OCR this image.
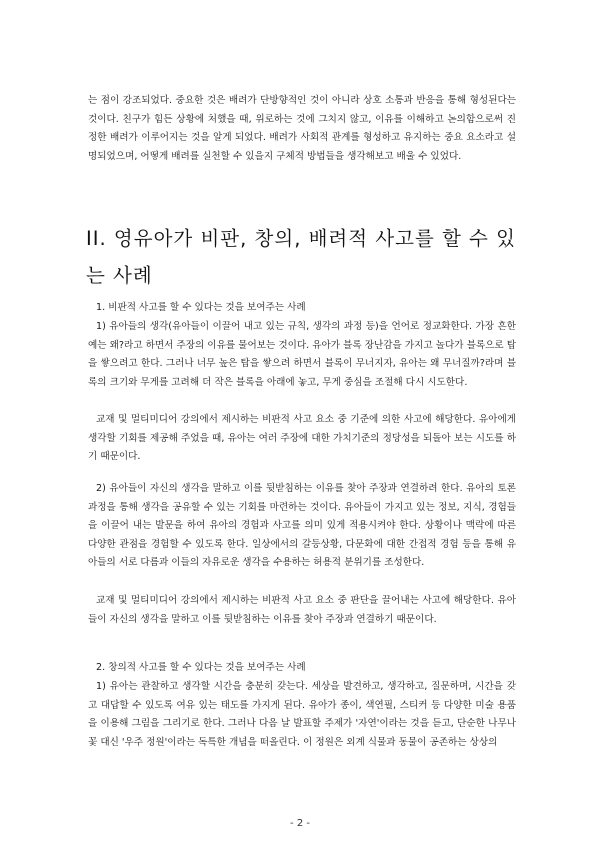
는 점이 강조되었다. 중요한 것은 배려가 단방향적인 것이 아니라 상호 소통과 반응을 통해 형성된다는 것이다. 친구가 힘든 상황에 처했을 때, 위로하는 것에 그치지 않고, 이유를 이해하고 논의함으로써 진정한 배려가 이루어지는 것을 알게 되었다. 배려가 사회적 관계를 형성하고 유지하는 중요 요소라고 설명되었으며, 어떻게 배려를 실천할 수 있을지 구체적 방법들을 생각해보고 배울 수 있었다.

II. 영유아가 비판, 창의, 배려적 사고를 할 수 있는 사례

1. 비판적 사고를 할 수 있다는 것을 보여주는 사례

1) 유아들의 생각(유아들이 이끌어 내고 있는 규칙, 생각의 과정 등)을 언어로 정교화한다. 가장 흔한 예는 왜?라고 하면서 주장의 이유를 물어보는 것이다. 유아가 블록 장난감을 가지고 놀다가 블록으로 탑을 쌓으려고 한다. 그러나 너무 높은 탑을 쌓으려 하면서 블록이 무너지자, 유아는 왜 무너질까?라며 블록의 크기와 무게를 고려해 더 작은 블록을 아래에 놓고, 무게 중심을 조절해 다시 시도한다.

교재 및 멀티미디어 강의에서 제시하는 비판적 사고 요소 중 기준에 의한 사고에 해당한다. 유아에게 생각할 기회를 제공해 주었을 때, 유아는 여러 주장에 대한 가치기준의 정당성을 되돌아 보는 시도를 하기 때문이다.

2) 유아들이 자신의 생각을 말하고 이를 뒷받침하는 이유를 찾아 주장과 연결하려 한다. 유아의 토론 과정을 통해 생각을 공유할 수 있는 기회를 마련하는 것이다. 유아들이 가지고 있는 정보, 지식, 경험들을 이끌어 내는 발문을 하여 유아의 경험과 사고를 의미 있게 적용시켜야 한다. 상황이나 맥락에 따른 다양한 관점을 경험할 수 있도록 한다. 일상에서의 갈등상황, 다문화에 대한 간접적 경험 등을 통해 유아들의 서로 다름과 이들의 자유로운 생각을 수용하는 허용적 분위기를 조성한다.

교재 및 멀티미디어 강의에서 제시하는 비판적 사고 요소 중 판단을 끌어내는 사고에 해당한다. 유아들이 자신의 생각을 말하고 이를 뒷받침하는 이유를 찾아 주장과 연결하기 때문이다.

2. 창의적 사고를 할 수 있다는 것을 보여주는 사례

1) 유아는 관찰하고 생각할 시간을 충분히 갖는다. 세상을 발견하고, 생각하고, 질문하며, 시간을 갖고 대답할 수 있도록 여유 있는 태도를 가지게 된다. 유아가 종이, 색연필, 스티커 등 다양한 미술 용품을 이용해 그림을 그리기로 한다. 그러나 다음 날 발표할 주제가 '자연'이라는 것을 듣고, 단순한 나무나 꽃 대신 '우주 정원'이라는 독특한 개념을 떠올린다. 이 정원은 외계 식물과 동물이 공존하는 상상의

- 2 -
